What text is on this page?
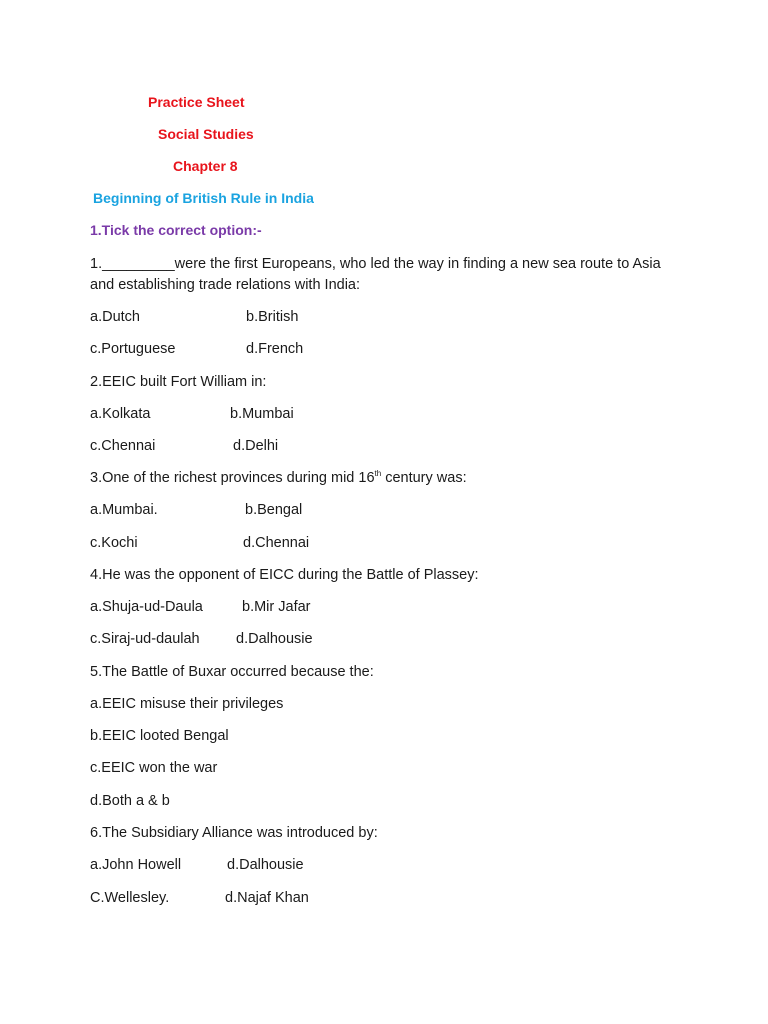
Practice Sheet
Social Studies
Chapter 8
Beginning of British Rule in India
1.Tick the correct option:-
1._________were the first Europeans, who led the way in finding a new sea route to Asia and establishing trade relations with India:
a.Dutch	b.British
c.Portuguese	d.French
2.EEIC built Fort William in:
a.Kolkata	b.Mumbai
c.Chennai	d.Delhi
3.One of the richest provinces during mid 16th century was:
a.Mumbai.	b.Bengal
c.Kochi	d.Chennai
4.He was the opponent of EICC during the Battle of Plassey:
a.Shuja-ud-Daula	b.Mir Jafar
c.Siraj-ud-daulah	d.Dalhousie
5.The Battle of Buxar occurred because the:
a.EEIC misuse their privileges
b.EEIC looted Bengal
c.EEIC won the war
d.Both a & b
6.The Subsidiary Alliance was introduced by:
a.John Howell	d.Dalhousie
C.Wellesley.	d.Najaf Khan
